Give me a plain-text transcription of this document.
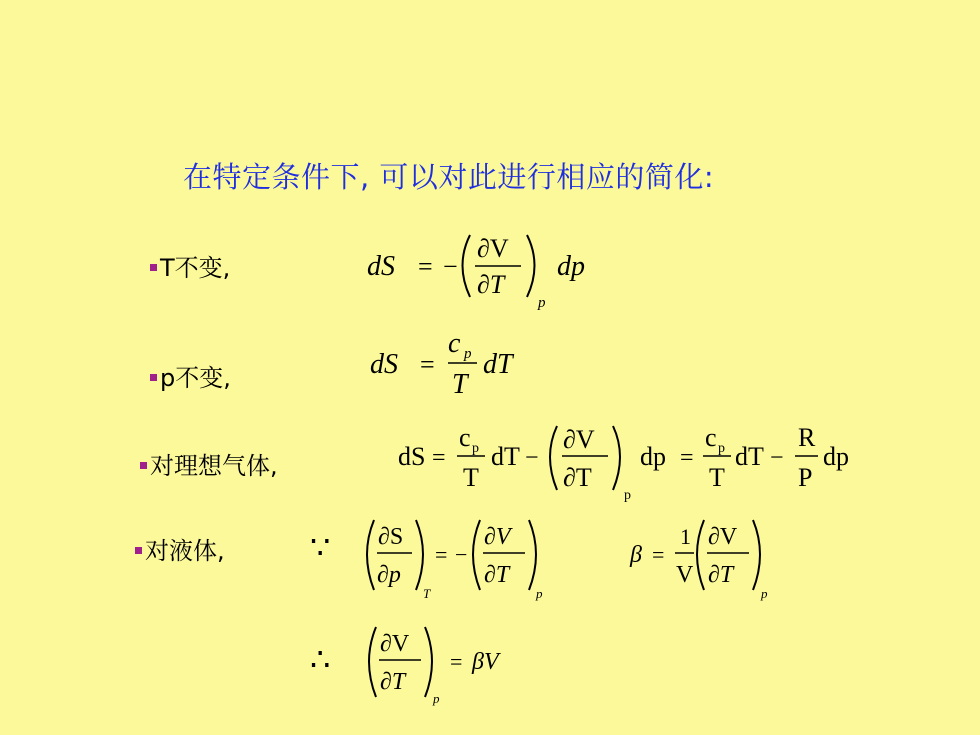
在特定条件下, 可以对此进行相应的简化:
T不变,	dS = −
∂V
∂T
p
dp
p不变,	dS =
c p
T
dT
对理想气体,	dS =
c p
T
dT −
∂V
∂T
p
dp =
c p
T
dT −
R
P
dp
对液体,	∵ ∂S
∂p
T
= −
∂V
∂T
p
β =
1
V
∂V
∂T
p
∴ ∂V
∂T
p
= βV
